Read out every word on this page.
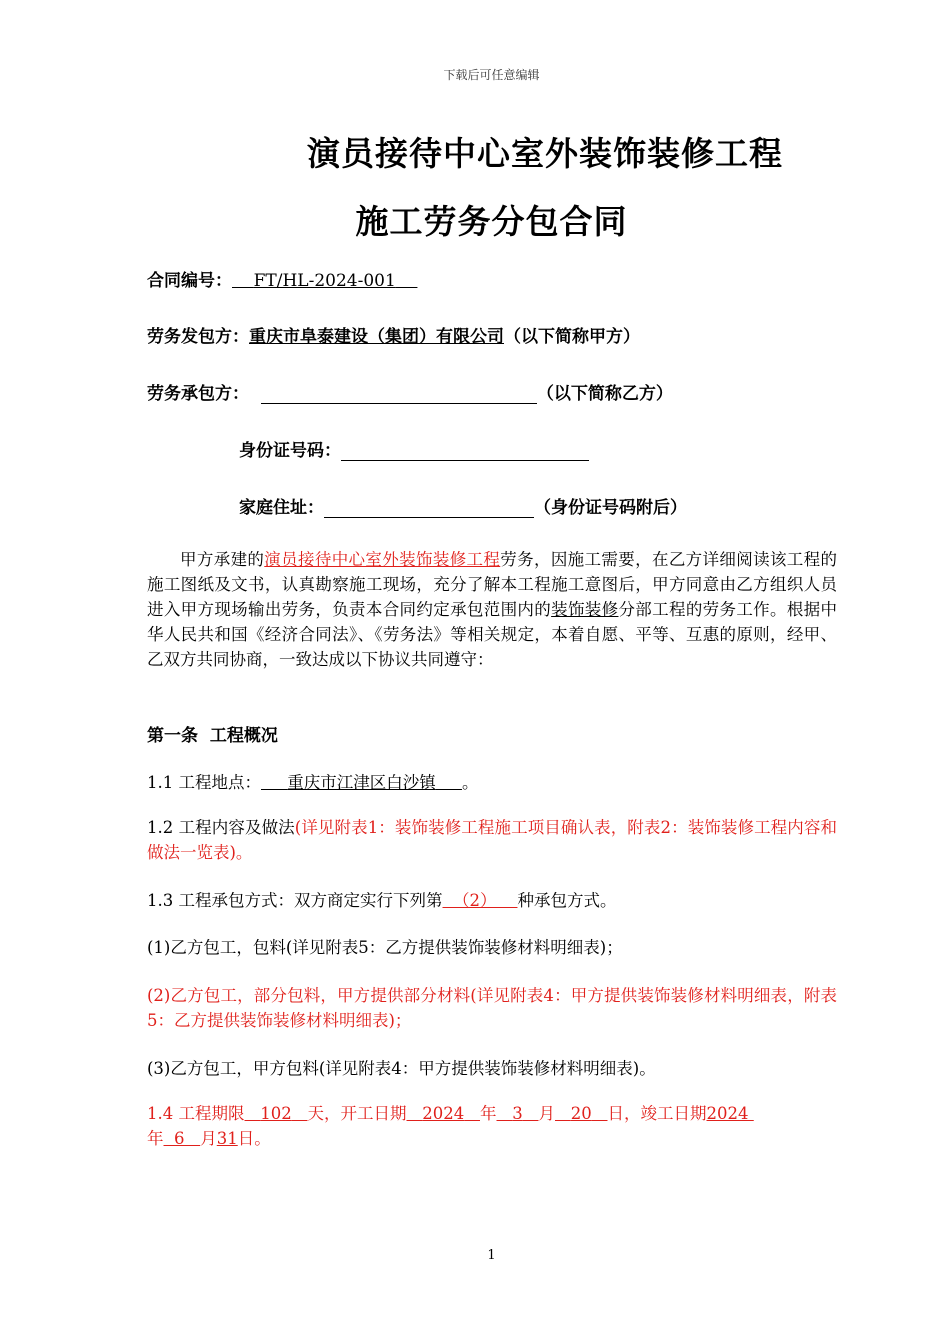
下载后可任意编辑
演员接待中心室外装饰装修工程
施工劳务分包合同
合同编号： FT/HL-2024-001
劳务发包方：重庆市阜泰建设（集团）有限公司（以下简称甲方）
劳务承包方：	（以下简称乙方）
身份证号码：
家庭住址：	（身份证号码附后）

甲方承建的演员接待中心室外装饰装修工程劳务，因施工需要，在乙方详细阅读该工程的施工图纸及文书，认真勘察施工现场，充分了解本工程施工意图后，甲方同意由乙方组织人员进入甲方现场输出劳务，负责本合同约定承包范围内的装饰装修分部工程的劳务工作。根据中华人民共和国《经济合同法》、《劳务法》等相关规定，本着自愿、平等、互惠的原则，经甲、乙双方共同协商，一致达成以下协议共同遵守：

第一条  工程概况
1.1 工程地点： 重庆市江津区白沙镇 。

1.2 工程内容及做法(详见附表1：装饰装修工程施工项目确认表，附表2：装饰装修工程内容和做法一览表)。

1.3 工程承包方式：双方商定实行下列第 （2） 种承包方式。
(1)乙方包工，包料(详见附表5：乙方提供装饰装修材料明细表)；

(2)乙方包工，部分包料，甲方提供部分材料(详见附表4：甲方提供装饰装修材料明细表，附表5：乙方提供装饰装修材料明细表)；

(3)乙方包工，甲方包料(详见附表4：甲方提供装饰装修材料明细表)。

1.4 工程期限 102 天，开工日期 2024 年 3 月 20 日，竣工日期2024
年 6 月31日。

1
